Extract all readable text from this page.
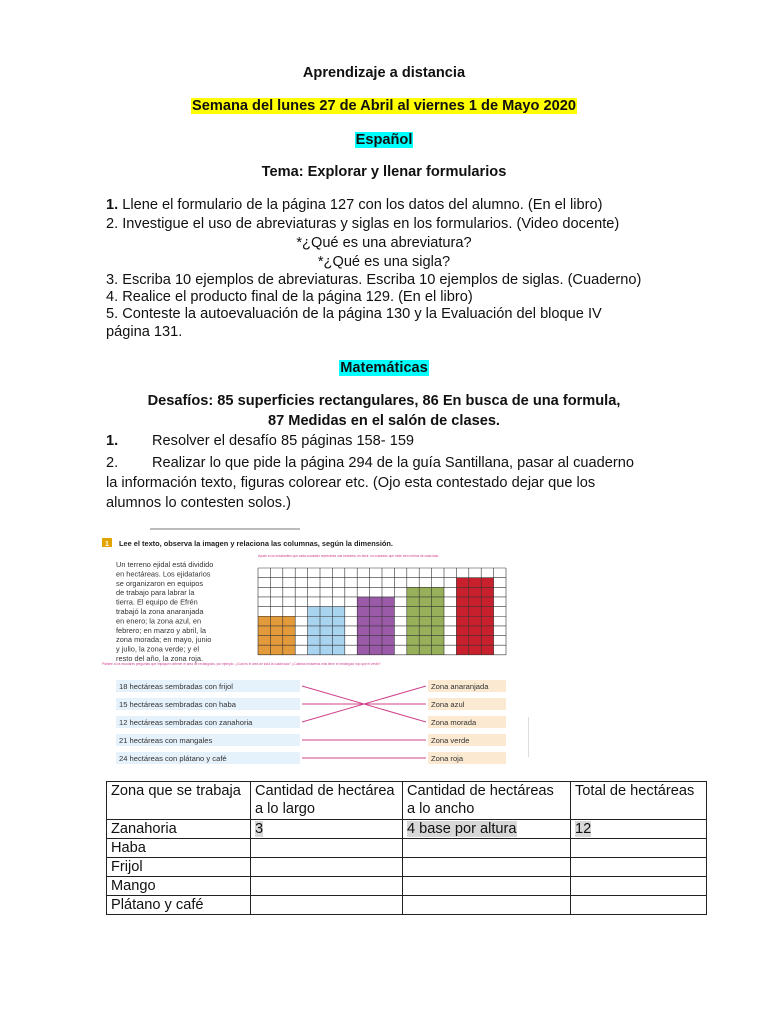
Aprendizaje a distancia
Semana del lunes 27 de Abril al viernes 1 de Mayo 2020
Español
Tema: Explorar y llenar formularios
1. Llene el formulario de la página 127 con los datos del alumno. (En el libro)
2. Investigue el uso de abreviaturas y siglas en los formularios. (Video docente)
*¿Qué es una abreviatura?
*¿Qué es una sigla?
3. Escriba 10 ejemplos de abreviaturas. Escriba 10 ejemplos de siglas. (Cuaderno)
4. Realice el producto final de la página 129. (En el libro)
5. Conteste la autoevaluación de la página 130 y la Evaluación del bloque IV
página 131.
Matemáticas
Desafíos: 85 superficies rectangulares, 86 En busca de una formula,
87 Medidas en el salón de clases.
1. Resolver el desafío 85 páginas 158- 159
2. Realizar lo que pide la página 294 de la guía Santillana, pasar al cuaderno
la información texto, figuras colorear etc. (Ojo esta contestado dejar que los
alumnos lo contesten solos.)
1 Lee el texto, observa la imagen y relaciona las columnas, según la dimensión.
Un terreno ejidal está dividido
en hectáreas. Los ejidatarios
se organizaron en equipos
de trabajo para labrar la
tierra. El equipo de Efrén
trabajó la zona anaranjada
en enero; la zona azul, en
febrero; en marzo y abril, la
zona morada; en mayo, junio
y julio, la zona verde; y el
resto del año, la zona roja.
Ayude a los estudiantes que cada cuadrado representa una hectárea, es decir, un cuadrado que mide cien metros de cada lado.
Plantee a los escolares preguntas que impliquen obtener el área de rectángulos, por ejemplo: ¿Cuál es el área de toda la cuadrícula? ¿Cuántas hectáreas más tiene el rectángulo rojo que el verde?
18 hectáreas sembradas con frijol
15 hectáreas sembradas con haba
12 hectáreas sembradas con zanahoria
21 hectáreas con mangales
24 hectáreas con plátano y café
Zona anaranjada
Zona azul
Zona morada
Zona verde
Zona roja
Zona que se trabaja	Cantidad de hectárea a lo largo	Cantidad de hectáreas a lo ancho	Total de hectáreas
Zanahoria	3	4 base por altura	12
Haba			
Frijol			
Mango			
Plátano y café			
